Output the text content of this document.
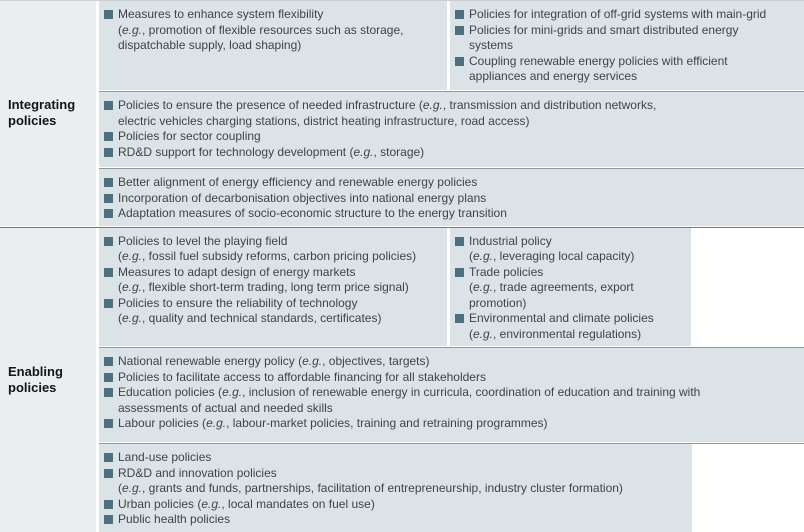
Integrating policies
Measures to enhance system flexibility
(e.g., promotion of flexible resources such as storage,
dispatchable supply, load shaping)
Policies for integration of off-grid systems with main-grid
Policies for mini-grids and smart distributed energy
systems
Coupling renewable energy policies with efficient
appliances and energy services
Policies to ensure the presence of needed infrastructure (e.g., transmission and distribution networks,
electric vehicles charging stations, district heating infrastructure, road access)
Policies for sector coupling
RD&D support for technology development (e.g., storage)
Better alignment of energy efficiency and renewable energy policies
Incorporation of decarbonisation objectives into national energy plans
Adaptation measures of socio-economic structure to the energy transition
Enabling policies
Policies to level the playing field
(e.g., fossil fuel subsidy reforms, carbon pricing policies)
Measures to adapt design of energy markets
(e.g., flexible short-term trading, long term price signal)
Policies to ensure the reliability of technology
(e.g., quality and technical standards, certificates)
Industrial policy
(e.g., leveraging local capacity)
Trade policies
(e.g., trade agreements, export promotion)
Environmental and climate policies
(e.g., environmental regulations)
National renewable energy policy (e.g., objectives, targets)
Policies to facilitate access to affordable financing for all stakeholders
Education policies (e.g., inclusion of renewable energy in curricula, coordination of education and training with
assessments of actual and needed skills
Labour policies (e.g., labour-market policies, training and retraining programmes)
Land-use policies
RD&D and innovation policies
(e.g., grants and funds, partnerships, facilitation of entrepreneurship, industry cluster formation)
Urban policies (e.g., local mandates on fuel use)
Public health policies
